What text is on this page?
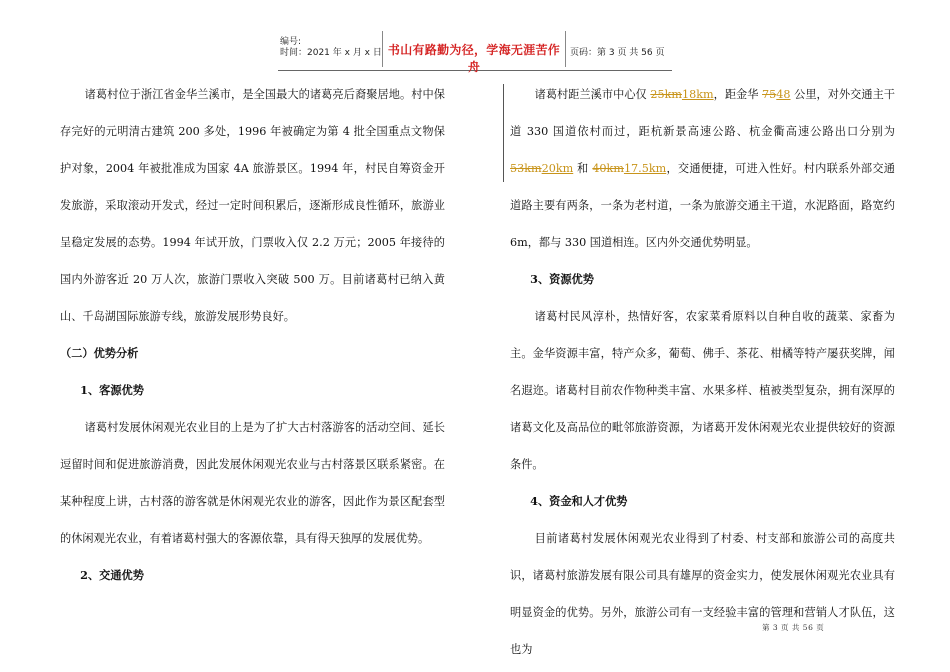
编号:
时间：2021 年 x 月 x 日 书山有路勤为径，学海无涯苦作舟
页码：第 3 页 共 56 页

诸葛村位于浙江省金华兰溪市，是全国最大的诸葛亮后裔聚居地。村中保存完好的元明清古建筑 200 多处，1996 年被确定为第 4 批全国重点文物保护对象，2004 年被批准成为国家 4A 旅游景区。1994 年，村民自筹资金开发旅游，采取滚动开发式，经过一定时间积累后，逐渐形成良性循环，旅游业呈稳定发展的态势。1994 年试开放，门票收入仅 2.2 万元；2005 年接待的国内外游客近 20 万人次，旅游门票收入突破 500 万。目前诸葛村已纳入黄山、千岛湖国际旅游专线，旅游发展形势良好。

（二）优势分析

1、客源优势

诸葛村发展休闲观光农业目的上是为了扩大古村落游客的活动空间、延长逗留时间和促进旅游消费，因此发展休闲观光农业与古村落景区联系紧密。在某种程度上讲，古村落的游客就是休闲观光农业的游客，因此作为景区配套型的休闲观光农业，有着诸葛村强大的客源依靠，具有得天独厚的发展优势。

2、交通优势

诸葛村距兰溪市中心仅 25km18km，距金华 7548 公里，对外交通主干道 330 国道依村而过，距杭新景高速公路、杭金衢高速公路出口分别为 53km20km 和 40km17.5km，交通便捷，可进入性好。村内联系外部交通道路主要有两条，一条为老村道，一条为旅游交通主干道，水泥路面，路宽约 6m，都与 330 国道相连。区内外交通优势明显。

3、资源优势

诸葛村民风淳朴，热情好客，农家菜肴原料以自种自收的蔬菜、家畜为主。金华资源丰富，特产众多，葡萄、佛手、茶花、柑橘等特产屡获奖牌，闻名遐迩。诸葛村目前农作物种类丰富、水果多样、植被类型复杂，拥有深厚的诸葛文化及高品位的毗邻旅游资源，为诸葛开发休闲观光农业提供较好的资源条件。

4、资金和人才优势

目前诸葛村发展休闲观光农业得到了村委、村支部和旅游公司的高度共识，诸葛村旅游发展有限公司具有雄厚的资金实力，使发展休闲观光农业具有明显资金的优势。另外，旅游公司有一支经验丰富的管理和营销人才队伍，这也为

第 3 页 共 56 页
